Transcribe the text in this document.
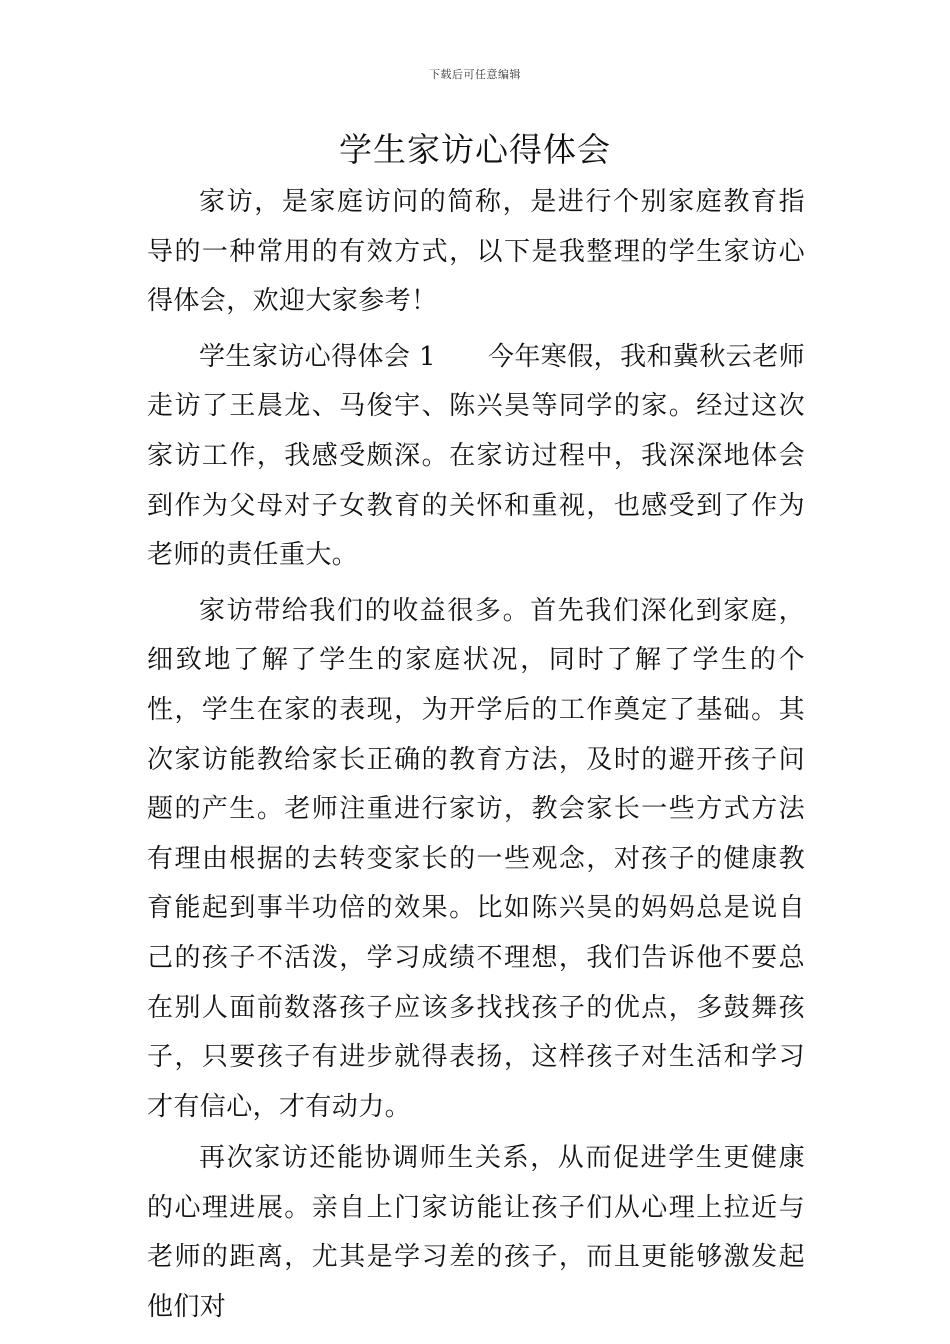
下载后可任意编辑
学生家访心得体会

家访，是家庭访问的简称，是进行个别家庭教育指导的一种常用的有效方式，以下是我整理的学生家访心得体会，欢迎大家参考！

学生家访心得体会 1 今年寒假，我和冀秋云老师走访了王晨龙、马俊宇、陈兴昊等同学的家。经过这次家访工作，我感受颇深。在家访过程中，我深深地体会到作为父母对子女教育的关怀和重视，也感受到了作为老师的责任重大。

家访带给我们的收益很多。首先我们深化到家庭，细致地了解了学生的家庭状况，同时了解了学生的个性，学生在家的表现，为开学后的工作奠定了基础。其次家访能教给家长正确的教育方法，及时的避开孩子问题的产生。老师注重进行家访，教会家长一些方式方法有理由根据的去转变家长的一些观念，对孩子的健康教育能起到事半功倍的效果。比如陈兴昊的妈妈总是说自己的孩子不活泼，学习成绩不理想，我们告诉他不要总在别人面前数落孩子应该多找找孩子的优点，多鼓舞孩子，只要孩子有进步就得表扬，这样孩子对生活和学习才有信心，才有动力。

再次家访还能协调师生关系，从而促进学生更健康的心理进展。亲自上门家访能让孩子们从心理上拉近与老师的距离，尤其是学习差的孩子，而且更能够激发起他们对
